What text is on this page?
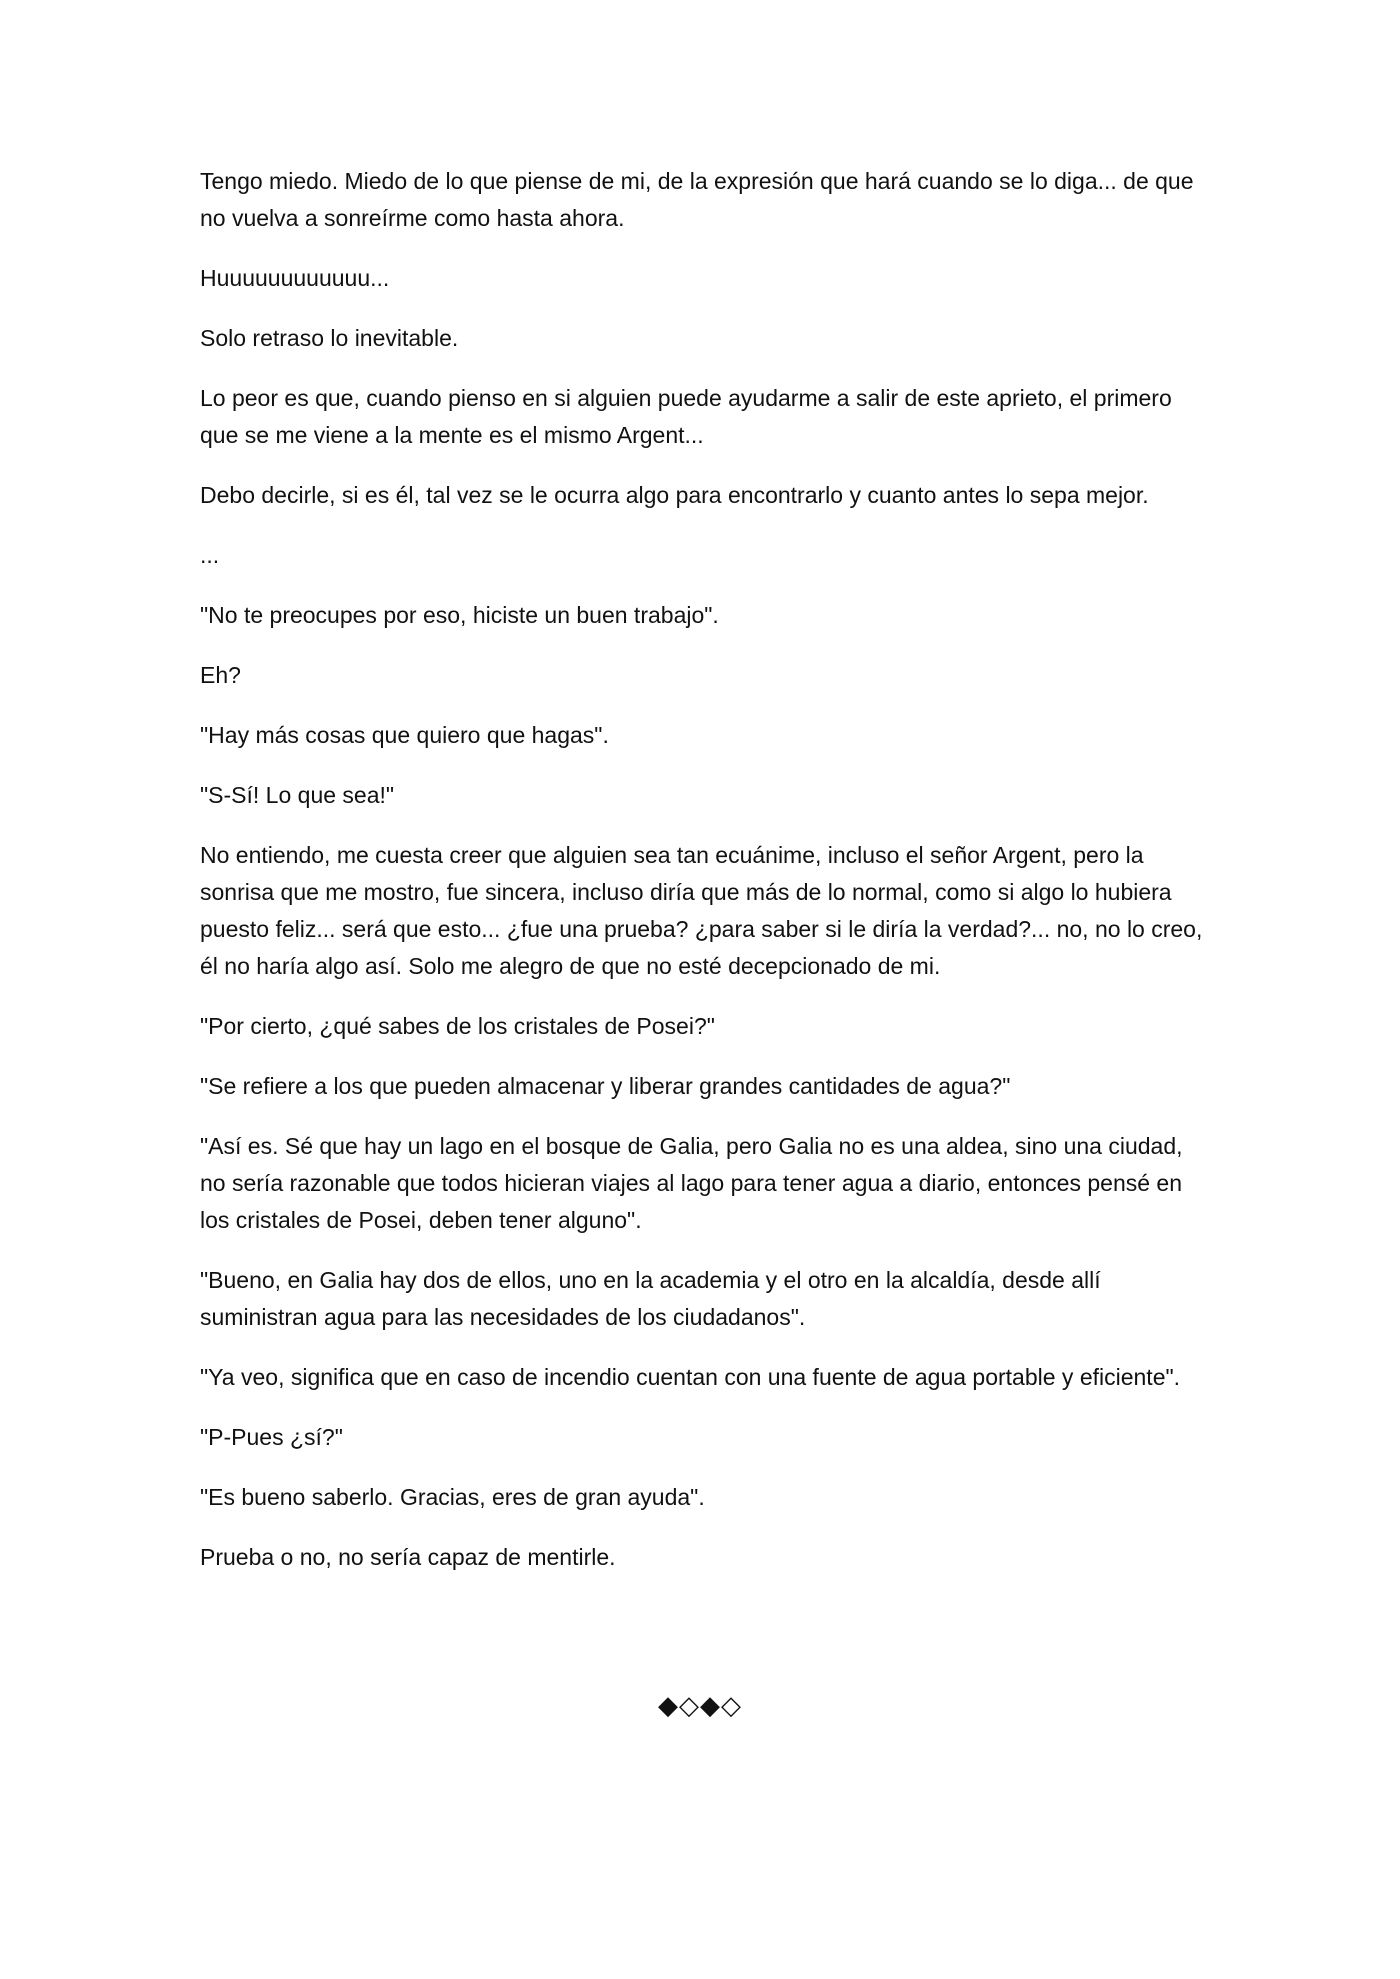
Tengo miedo. Miedo de lo que piense de mi, de la expresión que hará cuando se lo diga... de que no vuelva a sonreírme como hasta ahora.

Huuuuuuuuuuuu...

Solo retraso lo inevitable.

Lo peor es que, cuando pienso en si alguien puede ayudarme a salir de este aprieto, el primero que se me viene a la mente es el mismo Argent...

Debo decirle, si es él, tal vez se le ocurra algo para encontrarlo y cuanto antes lo sepa mejor.

...

"No te preocupes por eso, hiciste un buen trabajo".

Eh?

"Hay más cosas que quiero que hagas".

"S-Sí! Lo que sea!"

No entiendo, me cuesta creer que alguien sea tan ecuánime, incluso el señor Argent, pero la sonrisa que me mostro, fue sincera, incluso diría que más de lo normal, como si algo lo hubiera puesto feliz... será que esto... ¿fue una prueba? ¿para saber si le diría la verdad?... no, no lo creo, él no haría algo así. Solo me alegro de que no esté decepcionado de mi.

"Por cierto, ¿qué sabes de los cristales de Posei?"

"Se refiere a los que pueden almacenar y liberar grandes cantidades de agua?"

"Así es. Sé que hay un lago en el bosque de Galia, pero Galia no es una aldea, sino una ciudad, no sería razonable que todos hicieran viajes al lago para tener agua a diario, entonces pensé en los cristales de Posei, deben tener alguno".

"Bueno, en Galia hay dos de ellos, uno en la academia y el otro en la alcaldía, desde allí suministran agua para las necesidades de los ciudadanos".

"Ya veo, significa que en caso de incendio cuentan con una fuente de agua portable y eficiente".

"P-Pues ¿sí?"

"Es bueno saberlo. Gracias, eres de gran ayuda".

Prueba o no, no sería capaz de mentirle.

◆◇◆◇
